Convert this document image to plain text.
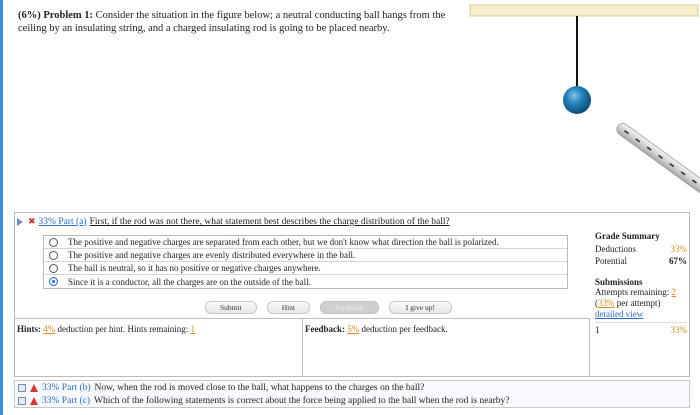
(6%) Problem 1: Consider the situation in the figure below; a neutral conducting ball hangs from the ceiling by an insulating string, and a charged insulating rod is going to be placed nearby.
✖ 33% Part (a) First, if the rod was not there, what statement best describes the charge distribution of the ball?
The positive and negative charges are separated from each other, but we don't know what direction the ball is polarized.
The positive and negative charges are evenly distributed everywhere in the ball.
The ball is neutral, so it has no positive or negative charges anywhere.
Since it is a conductor, all the charges are on the outside of the ball.
Submit	Hint	Feedback	I give up!
Hints: 4% deduction per hint. Hints remaining: 1	Feedback: 5% deduction per feedback.
Grade Summary
Deductions	33%
Potential	67%
Submissions
Attempts remaining: 2
(33% per attempt)
detailed view
1	33%
33% Part (b) Now, when the rod is moved close to the ball, what happens to the charges on the ball?
33% Part (c) Which of the following statements is correct about the force being applied to the ball when the rod is nearby?
